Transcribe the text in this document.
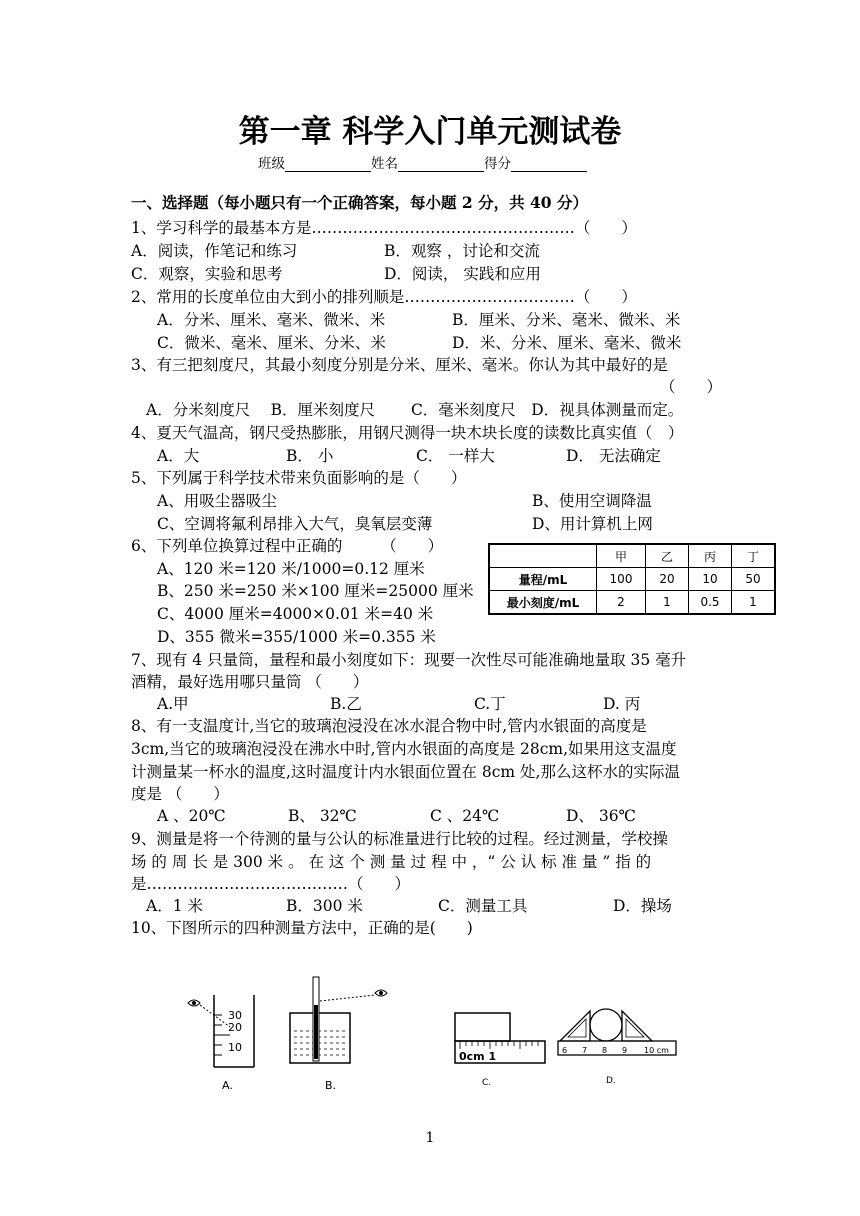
第一章 科学入门单元测试卷
班级	姓名	得分
一、选择题（每小题只有一个正确答案，每小题 2 分，共 40 分）
1、学习科学的最基本方是……………………………………………（　　）
A．阅读，作笔记和练习	B．观察 ，讨论和交流
C．观察，实验和思考	D．阅读， 实践和应用
2、常用的长度单位由大到小的排列顺是……………………………（　　）
A．分米、厘米、毫米、微米、米	B．厘米、分米、毫米、微米、米
C．微米、毫米、厘米、分米、米	D．米、分米、厘米、毫米、微米
3、有三把刻度尺，其最小刻度分别是分米、厘米、毫米。你认为其中最好的是
（　　）
A．分米刻度尺　 B．厘米刻度尺　　 C．毫米刻度尺　D．视具体测量而定。
4、夏天气温高，钢尺受热膨胀，用钢尺测得一块木块长度的读数比真实值（　）
A．大	B． 小	C． 一样大	D． 无法确定
5、下列属于科学技术带来负面影响的是（　　）
A、用吸尘器吸尘	B、使用空调降温
C、空调将氟利昂排入大气，臭氧层变薄	D、用计算机上网
6、下列单位换算过程中正确的　　　（　　）
A、120 米=120 米/1000=0.12 厘米
B、250 米=250 米×100 厘米=25000 厘米
C、4000 厘米=4000×0.01 米=40 米
D、355 微米=355/1000 米=0.355 米
	甲	乙	丙	丁
量程/mL	100	20	10	50
最小刻度/mL	2	1	0.5	1
7、现有 4 只量筒，量程和最小刻度如下：现要一次性尽可能准确地量取 35 毫升
酒精，最好选用哪只量筒 （　　）
A.甲	B.乙	C.丁	D. 丙
8、有一支温度计,当它的玻璃泡浸没在冰水混合物中时,管内水银面的高度是
3cm,当它的玻璃泡浸没在沸水中时,管内水银面的高度是 28cm,如果用这支温度
计测量某一杯水的温度,这时温度计内水银面位置在 8cm 处,那么这杯水的实际温
度是 （　　）
A 、20℃	B、 32℃	C 、24℃	D、 36℃
9、测量是将一个待测的量与公认的标准量进行比较的过程。经过测量，学校操
场 的 周 长 是 300 米 。 在 这 个 测 量 过 程 中 ，“ 公 认 标 准 量 ” 指 的
是…………………………………（　　）
A．1 米	B．300 米	C．测量工具	D．操场
10、下图所示的四种测量方法中，正确的是(　　)
30
20
10
A.	B.
0cm 1
C.
6 7 8 9 10 cm
D.
1
